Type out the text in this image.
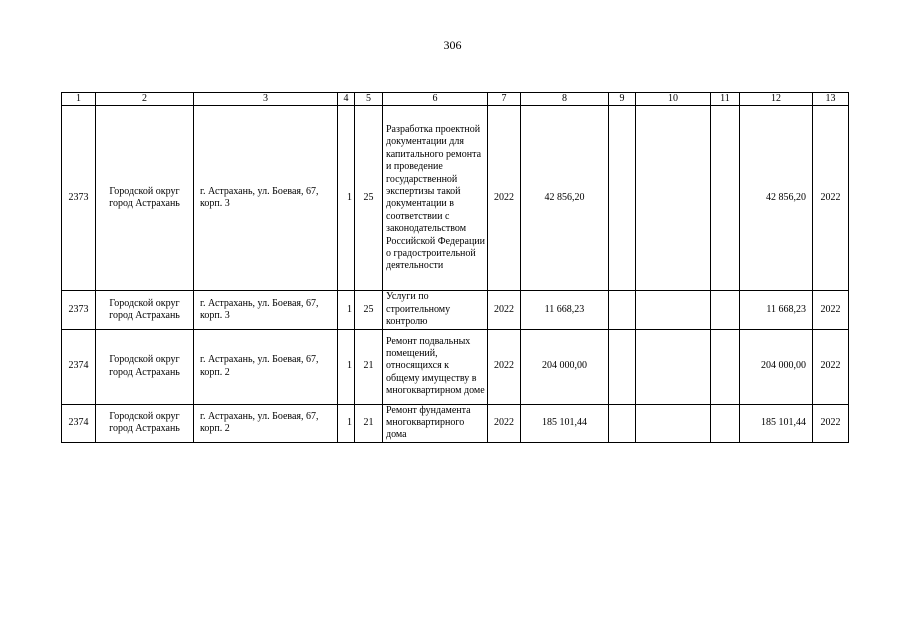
306
1	2	3	4	5	6	7	8	9	10	11	12	13
2373	Городской округ город Астрахань	г. Астрахань, ул. Боевая, 67, корп. 3	1	25	Разработка проектной документации для капитального ремонта и проведение государственной экспертизы такой документации в соответствии с законодательством Российской Федерации о градостроительной деятельности	2022	42 856,20				42 856,20	2022
2373	Городской округ город Астрахань	г. Астрахань, ул. Боевая, 67, корп. 3	1	25	Услуги по строительному контролю	2022	11 668,23				11 668,23	2022
2374	Городской округ город Астрахань	г. Астрахань, ул. Боевая, 67, корп. 2	1	21	Ремонт подвальных помещений, относящихся к общему имуществу в многоквартирном доме	2022	204 000,00				204 000,00	2022
2374	Городской округ город Астрахань	г. Астрахань, ул. Боевая, 67, корп. 2	1	21	Ремонт фундамента многоквартирного дома	2022	185 101,44				185 101,44	2022
